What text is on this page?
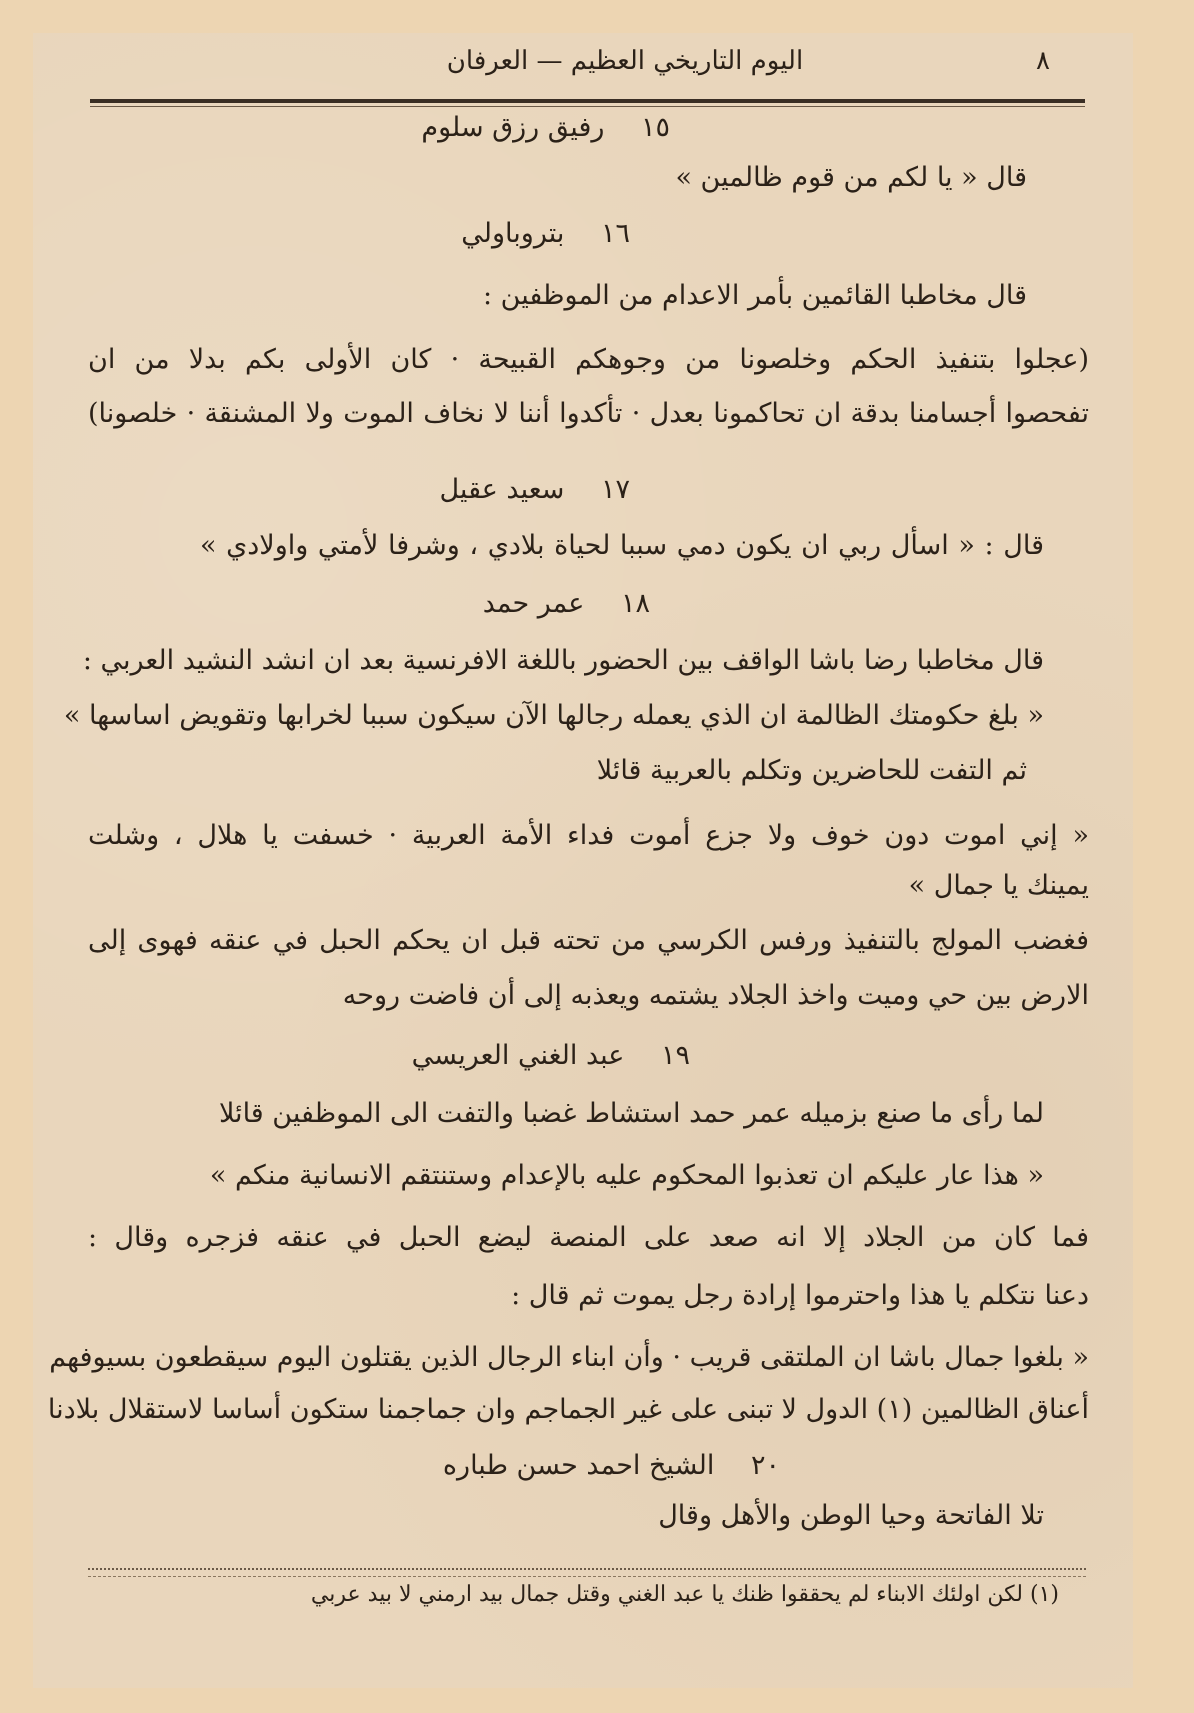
٨
اليوم التاريخي العظيم — العرفان
١٥ رفيق رزق سلوم
قال « يا لكم من قوم ظالمين »
١٦ بتروباولي
قال مخاطبا القائمين بأمر الاعدام من الموظفين :
(عجلوا بتنفيذ الحكم وخلصونا من وجوهكم القبيحة · كان الأولى بكم بدلا من ان
تفحصوا أجسامنا بدقة ان تحاكمونا بعدل · تأكدوا أننا لا نخاف الموت ولا المشنقة · خلصونا)
١٧ سعيد عقيل
قال : « اسأل ربي ان يكون دمي سببا لحياة بلادي ، وشرفا لأمتي واولادي »
١٨ عمر حمد
قال مخاطبا رضا باشا الواقف بين الحضور باللغة الافرنسية بعد ان انشد النشيد العربي :
« بلغ حكومتك الظالمة ان الذي يعمله رجالها الآن سيكون سببا لخرابها وتقويض اساسها »
ثم التفت للحاضرين وتكلم بالعربية قائلا
« إني اموت دون خوف ولا جزع أموت فداء الأمة العربية · خسفت يا هلال ، وشلت
يمينك يا جمال »
فغضب المولج بالتنفيذ ورفس الكرسي من تحته قبل ان يحكم الحبل في عنقه فهوى إلى
الارض بين حي وميت واخذ الجلاد يشتمه ويعذبه إلى أن فاضت روحه
١٩ عبد الغني العريسي
لما رأى ما صنع بزميله عمر حمد استشاط غضبا والتفت الى الموظفين قائلا
« هذا عار عليكم ان تعذبوا المحكوم عليه بالإعدام وستنتقم الانسانية منكم »
فما كان من الجلاد إلا انه صعد على المنصة ليضع الحبل في عنقه فزجره وقال :
دعنا نتكلم يا هذا واحترموا إرادة رجل يموت ثم قال :
« بلغوا جمال باشا ان الملتقى قريب · وأن ابناء الرجال الذين يقتلون اليوم سيقطعون بسيوفهم
أعناق الظالمين (١) الدول لا تبنى على غير الجماجم وان جماجمنا ستكون أساسا لاستقلال بلادنا
٢٠ الشيخ احمد حسن طباره
تلا الفاتحة وحيا الوطن والأهل وقال
(١) لكن اولئك الابناء لم يحققوا ظنك يا عبد الغني وقتل جمال بيد ارمني لا بيد عربي
